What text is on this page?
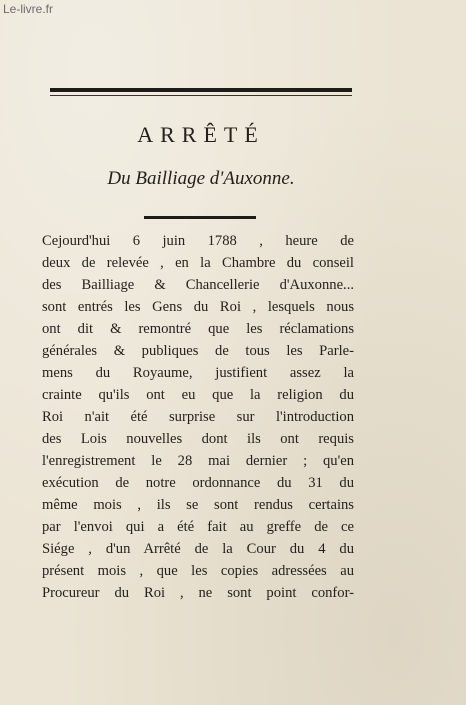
Le-livre.fr
ARRÊTÉ
Du Bailliage d'Auxonne.
Cejourd'hui 6 juin 1788 , heure de
deux de relevée , en la Chambre du conseil
des Bailliage & Chancellerie d'Auxonne...
sont entrés les Gens du Roi , lesquels nous
ont dit & remontré que les réclamations
générales & publiques de tous les Parle-
mens du Royaume, justifient assez la
crainte qu'ils ont eu que la religion du
Roi n'ait été surprise sur l'introduction
des Lois nouvelles dont ils ont requis
l'enregistrement le 28 mai dernier ; qu'en
exécution de notre ordonnance du 31 du
même mois , ils se sont rendus certains
par l'envoi qui a été fait au greffe de ce
Siége , d'un Arrêté de la Cour du 4 du
présent mois , que les copies adressées au
Procureur du Roi , ne sont point confor-
